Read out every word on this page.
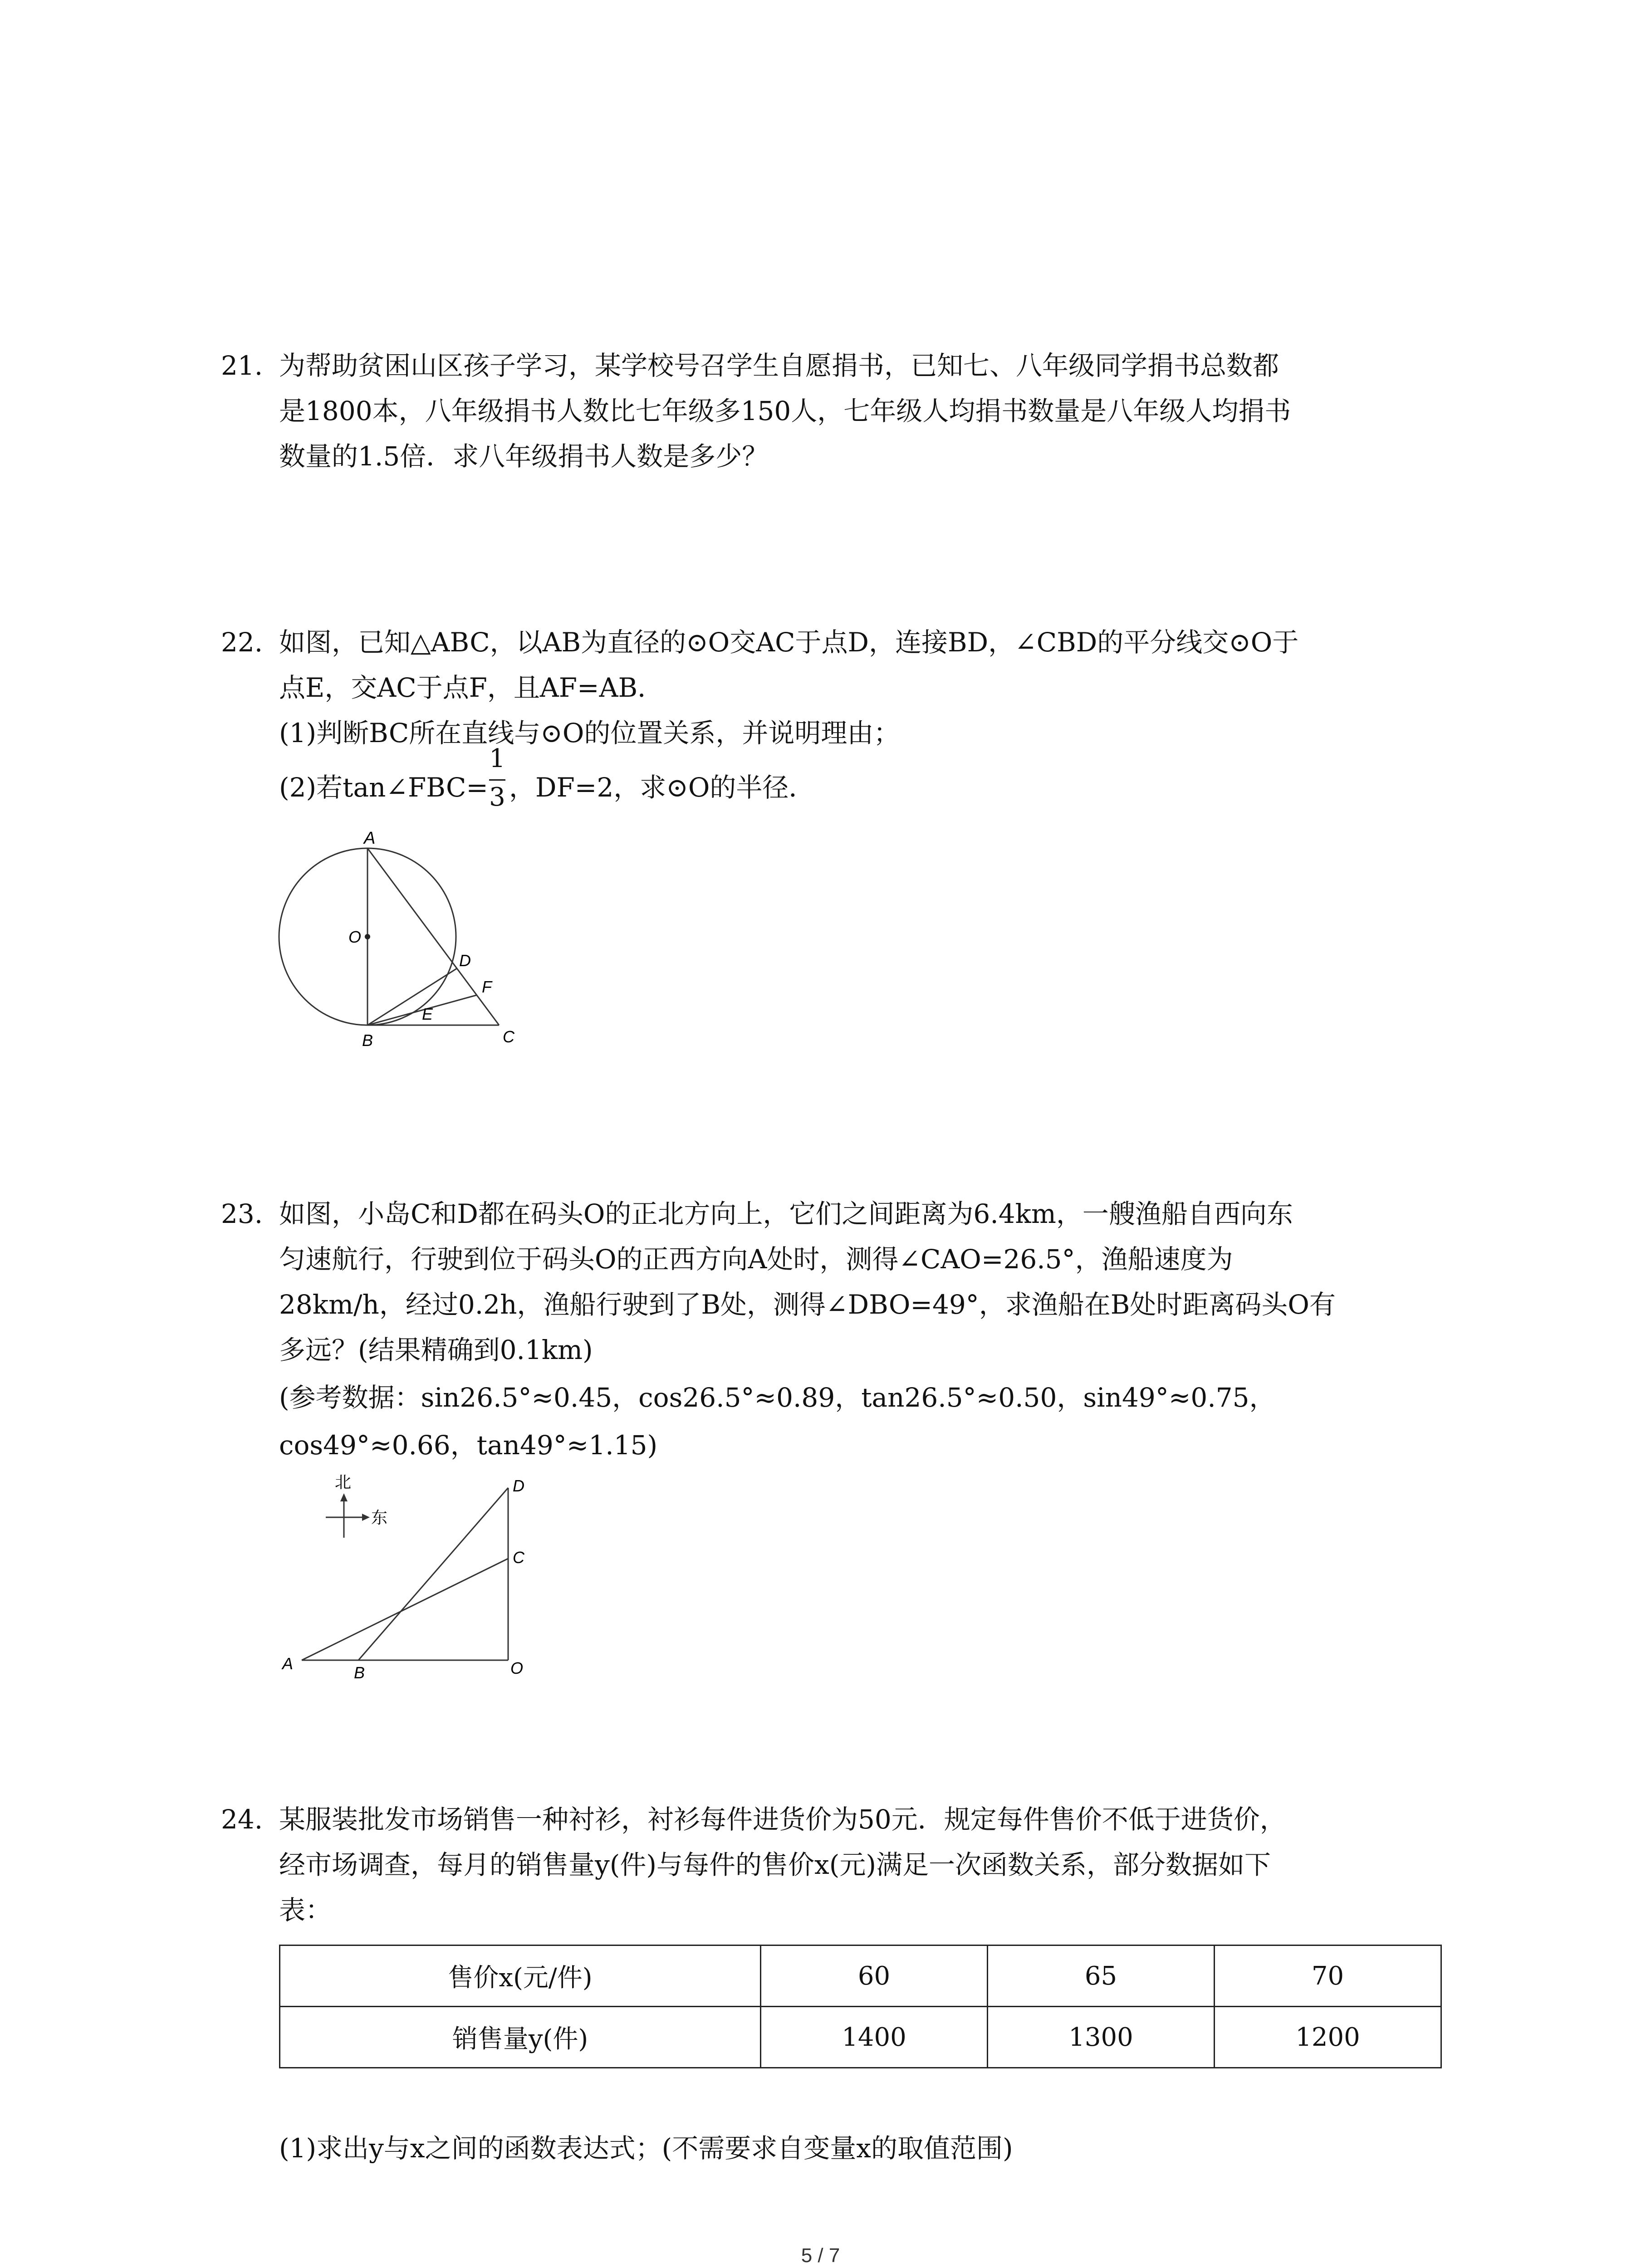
21. 为帮助贫困山区孩子学习，某学校号召学生自愿捐书，已知七、八年级同学捐书总数都
是1800本，八年级捐书人数比七年级多150人，七年级人均捐书数量是八年级人均捐书
数量的1.5倍．求八年级捐书人数是多少？
22. 如图，已知△ABC，以AB为直径的⊙O交AC于点D，连接BD，∠CBD的平分线交⊙O于
点E，交AC于点F，且AF=AB．
(1)判断BC所在直线与⊙O的位置关系，并说明理由；
(2)若tan∠FBC=
1
3 ，DF=2，求⊙O的半径．
A
O
D
F
E
B	C
23. 如图，小岛C和D都在码头O的正北方向上，它们之间距离为6.4km，一艘渔船自西向东
匀速航行，行驶到位于码头O的正西方向A处时，测得∠CAO=26.5°，渔船速度为
28km/h，经过0.2h，渔船行驶到了B处，测得∠DBO=49°，求渔船在B处时距离码头O有
多远？(结果精确到0.1km)
(参考数据：sin26.5°≈0.45，cos26.5°≈0.89，tan26.5°≈0.50，sin49°≈0.75，
cos49°≈0.66，tan49°≈1.15)
北
东
D
C
A	B	O
24. 某服装批发市场销售一种衬衫，衬衫每件进货价为50元．规定每件售价不低于进货价，
经市场调查，每月的销售量y(件)与每件的售价x(元)满足一次函数关系，部分数据如下
表：
售价x(元/件)	60	65	70
销售量y(件)	1400	1300	1200
(1)求出y与x之间的函数表达式；(不需要求自变量x的取值范围)
5 / 7
